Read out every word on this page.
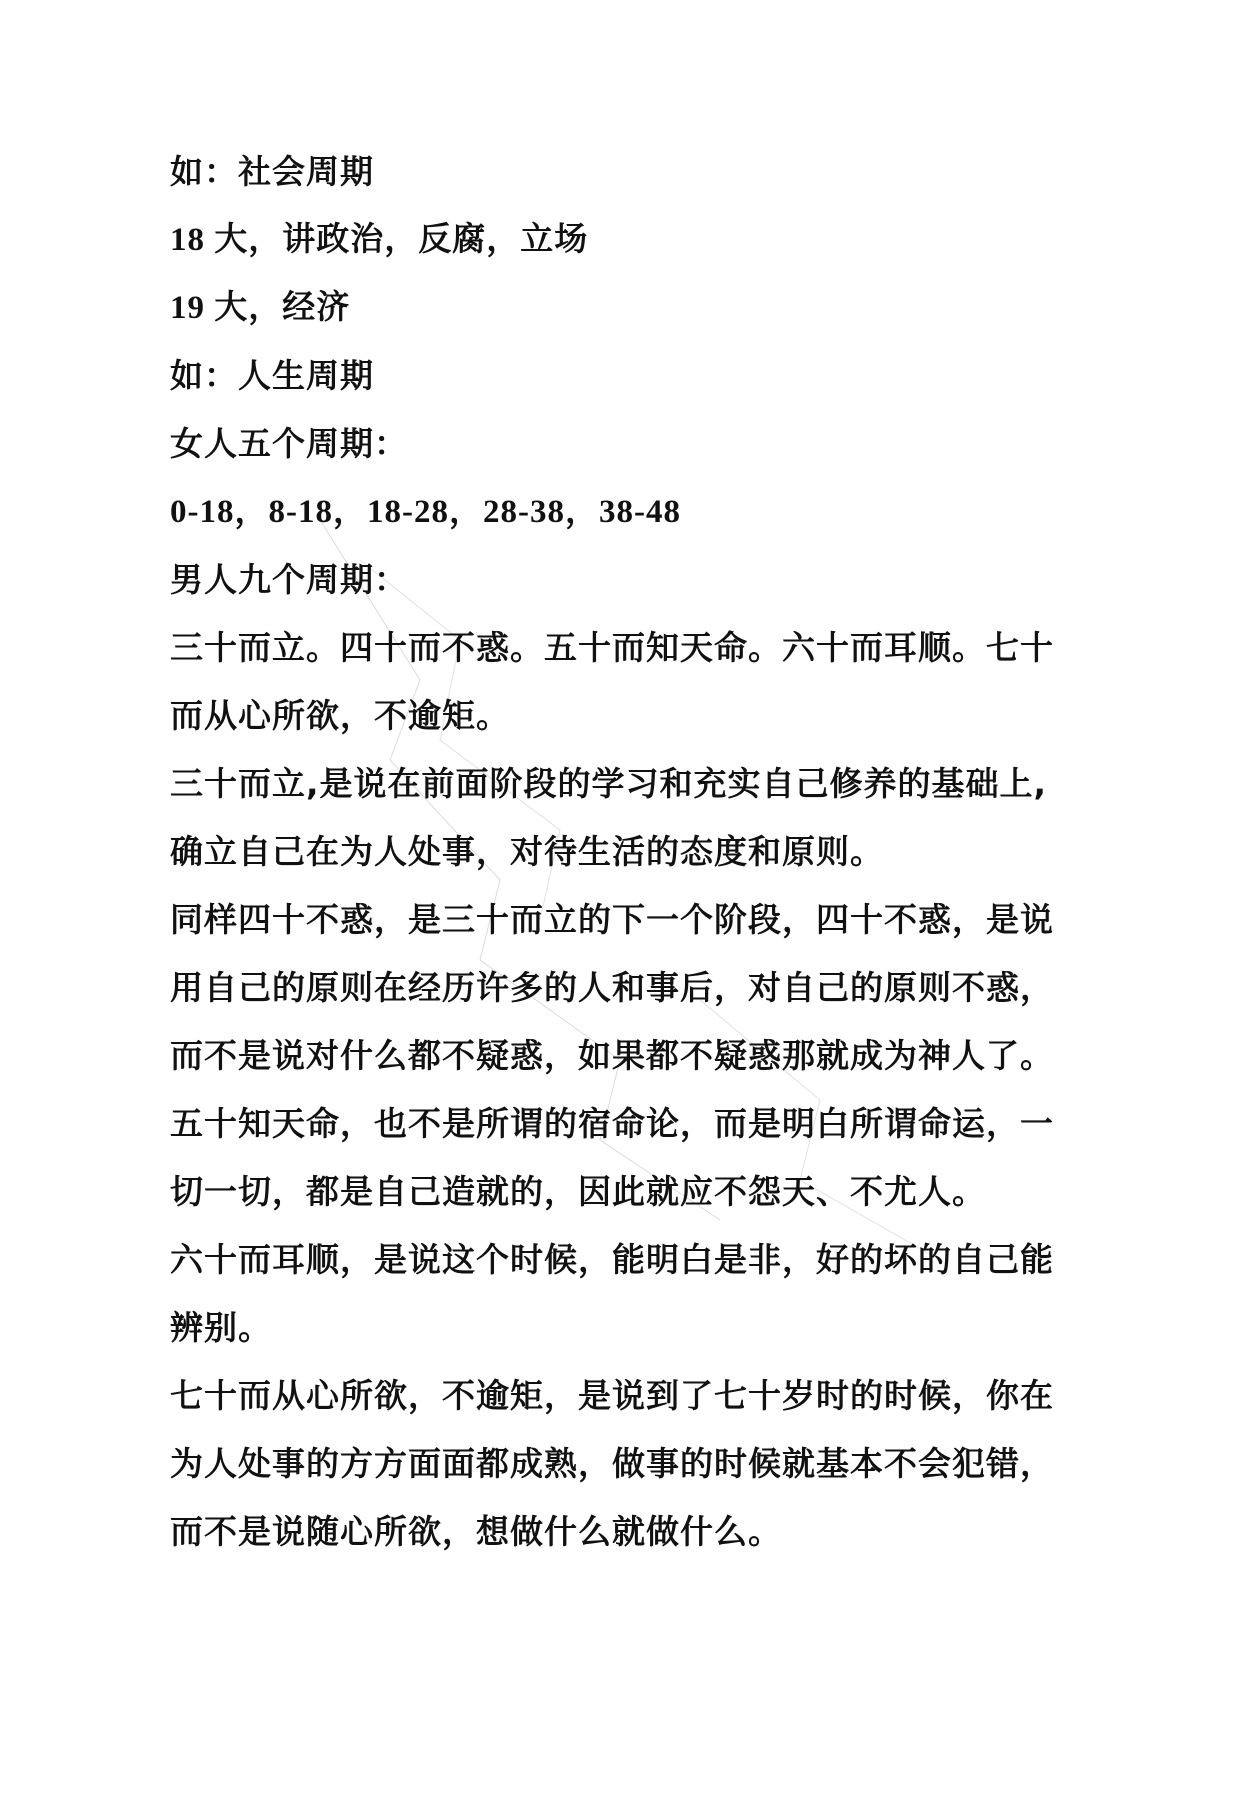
如：社会周期
18 大，讲政治，反腐，立场
19 大，经济
如：人生周期
女人五个周期：
0-18，8-18，18-28，28-38，38-48
男人九个周期：
三十而立。四十而不惑。五十而知天命。六十而耳顺。七十
而从心所欲，不逾矩。
三十而立,是说在前面阶段的学习和充实自己修养的基础上,
确立自己在为人处事，对待生活的态度和原则。
同样四十不惑，是三十而立的下一个阶段，四十不惑，是说
用自己的原则在经历许多的人和事后，对自己的原则不惑，
而不是说对什么都不疑惑，如果都不疑惑那就成为神人了。
五十知天命，也不是所谓的宿命论，而是明白所谓命运，一
切一切，都是自己造就的，因此就应不怨天、不尤人。
六十而耳顺，是说这个时候，能明白是非，好的坏的自己能
辨别。
七十而从心所欲，不逾矩，是说到了七十岁时的时候，你在
为人处事的方方面面都成熟，做事的时候就基本不会犯错，
而不是说随心所欲，想做什么就做什么。
